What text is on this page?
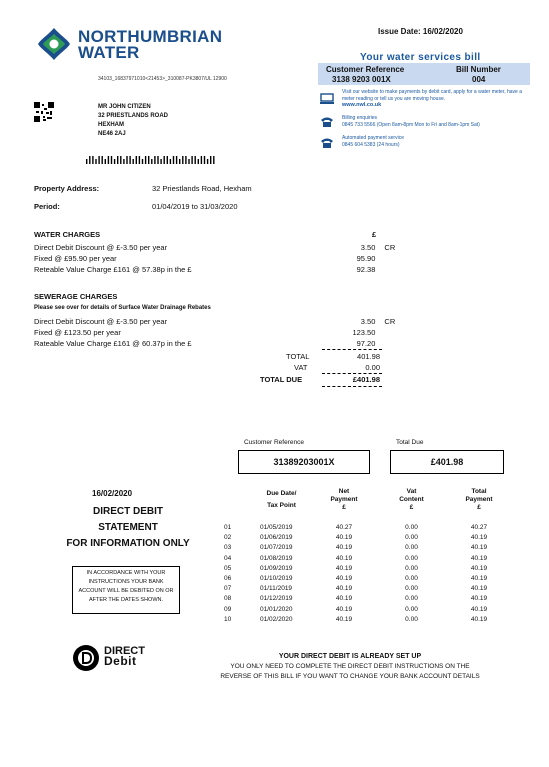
NORTHUMBRIAN
WATER
Issue Date: 16/02/2020
34103_16837971010<21453>_310087-PK3807/UL 12900
Your water services bill
Customer Reference	Bill Number
3138 9203 001X	004
Visit our website to make payments by debit card, apply for a water meter, have a meter reading or tell us you are moving house.
www.nwl.co.uk
Billing enquiries
0845 733 5566 (Open 8am-8pm Mon to Fri and 8am-1pm Sat)
Automated payment service
0845 604 5383 (24 hours)
MR JOHN CITIZEN
32 PRIESTLANDS ROAD
HEXHAM
NE46 2AJ
Property Address:	32 Priestlands Road, Hexham
Period:	01/04/2019 to 31/03/2020
WATER CHARGES	£
Direct Debit Discount @ £-3.50 per year	3.50	CR
Fixed @ £95.90 per year	95.90
Reteable Value Charge £161 @ 57.38p in the £	92.38
SEWERAGE CHARGES
Please see over for details of Surface Water Drainage Rebates
Direct Debit Discount @ £-3.50 per year	3.50	CR
Fixed @ £123.50 per year	123.50
Rateable Value Charge £161 @ 60.37p in the £	97.20
TOTAL	401.98
VAT	0.00
TOTAL DUE	£401.98
Customer Reference
31389203001X
Total Due
£401.98
16/02/2020
DIRECT DEBIT
STATEMENT
FOR INFORMATION ONLY
IN ACCORDANCE WITH YOUR INSTRUCTIONS YOUR BANK ACCOUNT WILL BE DEBITED ON OR AFTER THE DATES SHOWN.
Due Date/
Tax Point
Net
Payment
£
Vat
Content
£
Total
Payment
£
01	01/05/2019	40.27	0.00	40.27
02	01/06/2019	40.19	0.00	40.19
03	01/07/2019	40.19	0.00	40.19
04	01/08/2019	40.19	0.00	40.19
05	01/09/2019	40.19	0.00	40.19
06	01/10/2019	40.19	0.00	40.19
07	01/11/2019	40.19	0.00	40.19
08	01/12/2019	40.19	0.00	40.19
09	01/01/2020	40.19	0.00	40.19
10	01/02/2020	40.19	0.00	40.19
DIRECT
Debit	YOUR DIRECT DEBIT IS ALREADY SET UP
YOU ONLY NEED TO COMPLETE THE DIRECT DEBIT INSTRUCTIONS ON THE
REVERSE OF THIS BILL IF YOU WANT TO CHANGE YOUR BANK ACCOUNT DETAILS
